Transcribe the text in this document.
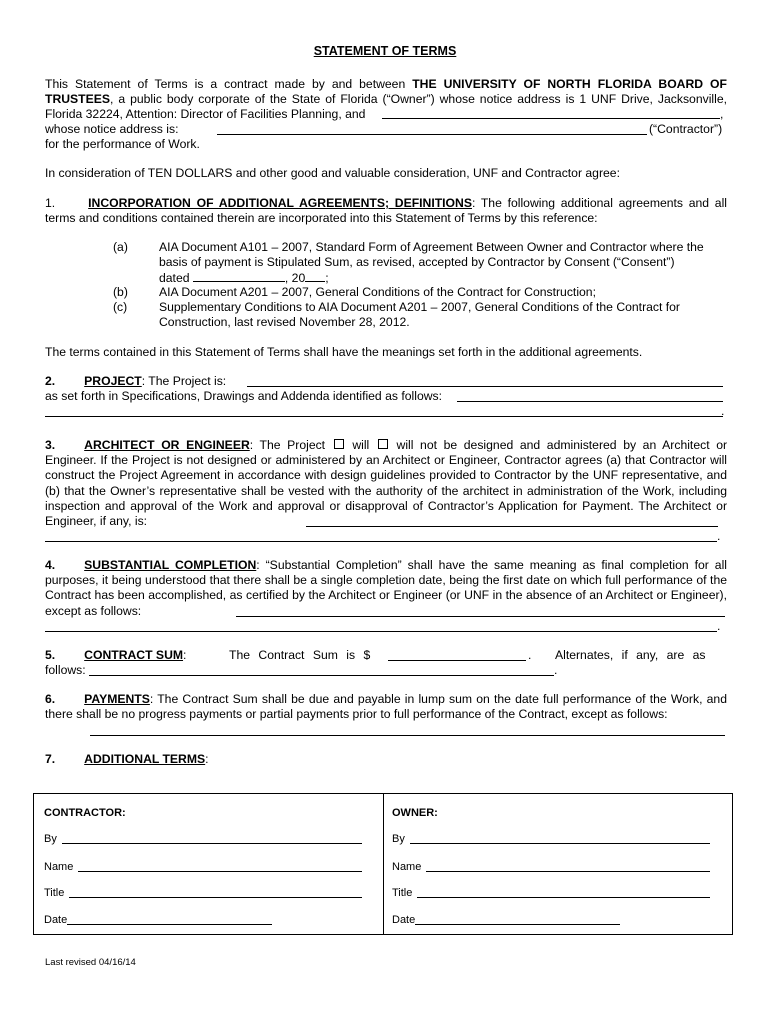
STATEMENT OF TERMS
This Statement of Terms is a contract made by and between THE UNIVERSITY OF NORTH FLORIDA BOARD OF TRUSTEES, a public body corporate of the State of Florida (“Owner”) whose notice address is 1 UNF Drive, Jacksonville, Florida 32224, Attention: Director of Facilities Planning, and	,
whose notice address is:	(“Contractor”)
for the performance of Work.
In consideration of TEN DOLLARS and other good and valuable consideration, UNF and Contractor agree:
1.	INCORPORATION OF ADDITIONAL AGREEMENTS; DEFINITIONS: The following additional agreements and all terms and conditions contained therein are incorporated into this Statement of Terms by this reference:
(a)	AIA Document A101 – 2007, Standard Form of Agreement Between Owner and Contractor where the basis of payment is Stipulated Sum, as revised, accepted by Contractor by Consent (“Consent”)
dated	, 20 ;
(b)	AIA Document A201 – 2007, General Conditions of the Contract for Construction;
(c)	Supplementary Conditions to AIA Document A201 – 2007, General Conditions of the Contract for Construction, last revised November 28, 2012.
The terms contained in this Statement of Terms shall have the meanings set forth in the additional agreements.
2. PROJECT: The Project is:
as set forth in Specifications, Drawings and Addenda identified as follows:
.
3. ARCHITECT OR ENGINEER: The Project will will not be designed and administered by an Architect or Engineer. If the Project is not designed or administered by an Architect or Engineer, Contractor agrees (a) that Contractor will construct the Project Agreement in accordance with design guidelines provided to Contractor by the UNF representative, and (b) that the Owner’s representative shall be vested with the authority of the architect in administration of the Work, including inspection and approval of the Work and approval or disapproval of Contractor’s Application for Payment. The Architect or Engineer, if any, is:
.
4. SUBSTANTIAL COMPLETION: “Substantial Completion” shall have the same meaning as final completion for all purposes, it being understood that there shall be a single completion date, being the first date on which full performance of the Contract has been accomplished, as certified by the Architect or Engineer (or UNF in the absence of an Architect or Engineer), except as follows:
.
5. CONTRACT SUM:	The Contract Sum is $	. Alternates, if any, are as
follows:	.
6. PAYMENTS: The Contract Sum shall be due and payable in lump sum on the date full performance of the Work, and there shall be no progress payments or partial payments prior to full performance of the Contract, except as follows:
7. ADDITIONAL TERMS:
CONTRACTOR:	OWNER:
By	By
Name	Name
Title	Title
Date	Date
Last revised 04/16/14
